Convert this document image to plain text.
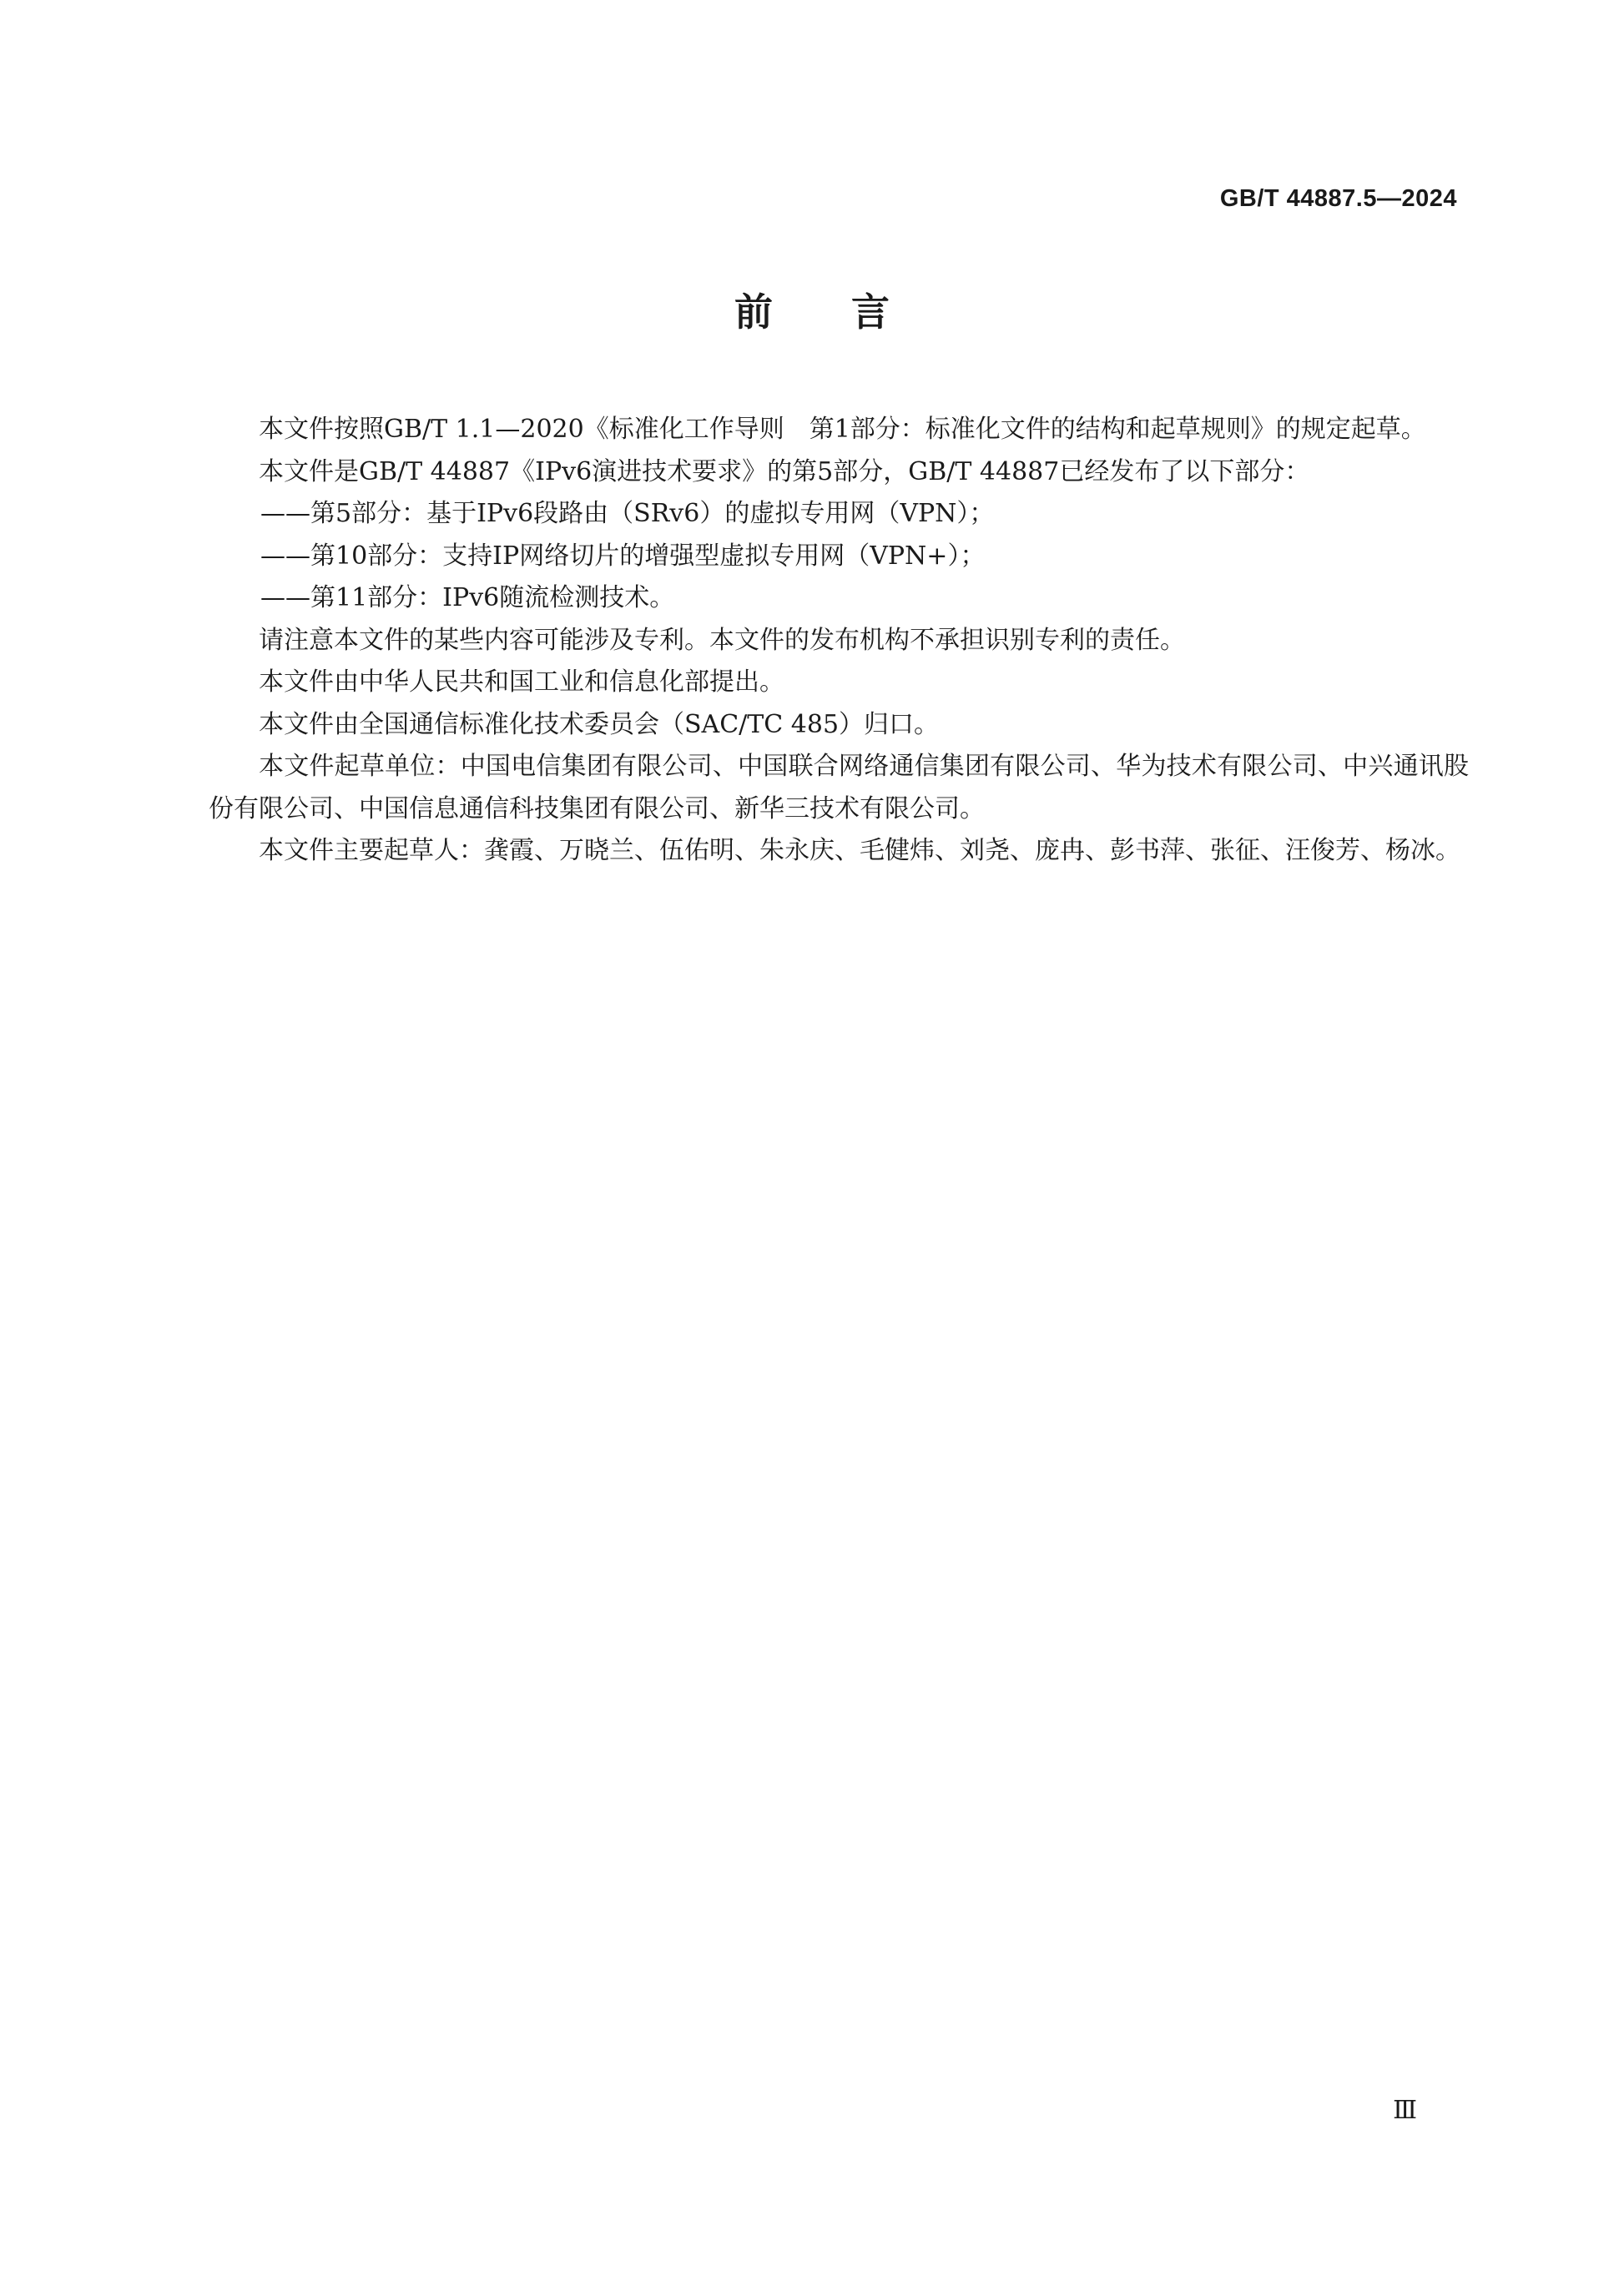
GB/T 44887.5—2024
前言

本文件按照GB/T 1.1—2020《标准化工作导则　第1部分：标准化文件的结构和起草规则》的规定起草。

本文件是GB/T 44887《IPv6演进技术要求》的第5部分，GB/T 44887已经发布了以下部分：

——第5部分：基于IPv6段路由（SRv6）的虚拟专用网（VPN）；

——第10部分：支持IP网络切片的增强型虚拟专用网（VPN+）；

——第11部分：IPv6随流检测技术。

请注意本文件的某些内容可能涉及专利。本文件的发布机构不承担识别专利的责任。

本文件由中华人民共和国工业和信息化部提出。

本文件由全国通信标准化技术委员会（SAC/TC 485）归口。

本文件起草单位：中国电信集团有限公司、中国联合网络通信集团有限公司、华为技术有限公司、中兴通讯股份有限公司、中国信息通信科技集团有限公司、新华三技术有限公司。

本文件主要起草人：龚霞、万晓兰、伍佑明、朱永庆、毛健炜、刘尧、庞冉、彭书萍、张征、汪俊芳、杨冰。

Ⅲ
